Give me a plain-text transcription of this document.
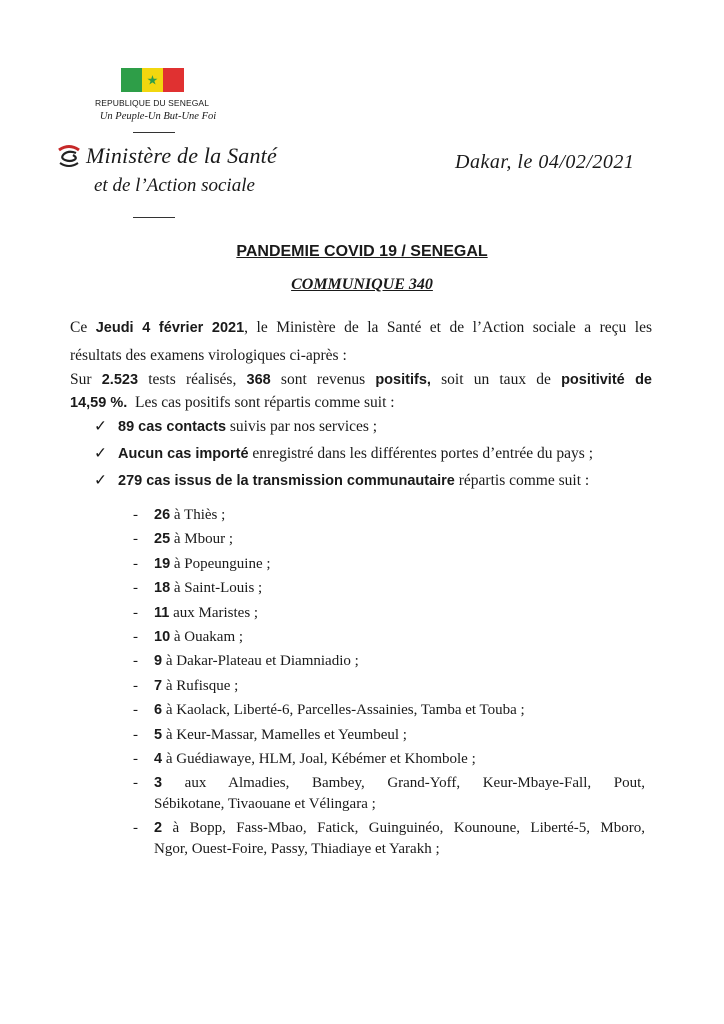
★
REPUBLIQUE DU SENEGAL
Un Peuple-Un But-Une Foi
Ministère de la Santé
et de l’Action sociale
Dakar, le 04/02/2021
PANDEMIE COVID 19 / SENEGAL
COMMUNIQUE 340
Ce Jeudi 4 février 2021, le Ministère de la Santé et de l’Action sociale a reçu les
résultats des examens virologiques ci-après :
Sur 2.523 tests réalisés, 368 sont revenus positifs, soit un taux de positivité de
14,59 %.  Les cas positifs sont répartis comme suit :
✓ 89 cas contacts suivis par nos services ;
✓ Aucun cas importé enregistré dans les différentes portes d’entrée du pays ;
✓ 279 cas issus de la transmission communautaire répartis comme suit :
- 26 à Thiès ;
- 25 à Mbour ;
- 19 à Popeunguine ;
- 18 à Saint-Louis ;
- 11 aux Maristes ;
- 10 à Ouakam ;
- 9 à Dakar-Plateau et Diamniadio ;
- 7 à Rufisque ;
- 6 à Kaolack, Liberté-6, Parcelles-Assainies, Tamba et Touba ;
- 5 à Keur-Massar, Mamelles et Yeumbeul ;
- 4 à Guédiawaye, HLM, Joal, Kébémer et Khombole ;
- 3 aux Almadies, Bambey, Grand-Yoff, Keur-Mbaye-Fall, Pout,
Sébikotane, Tivaouane et Vélingara ;
- 2 à Bopp, Fass-Mbao, Fatick, Guinguinéo, Kounoune, Liberté-5, Mboro,
Ngor, Ouest-Foire, Passy, Thiadiaye et Yarakh ;
